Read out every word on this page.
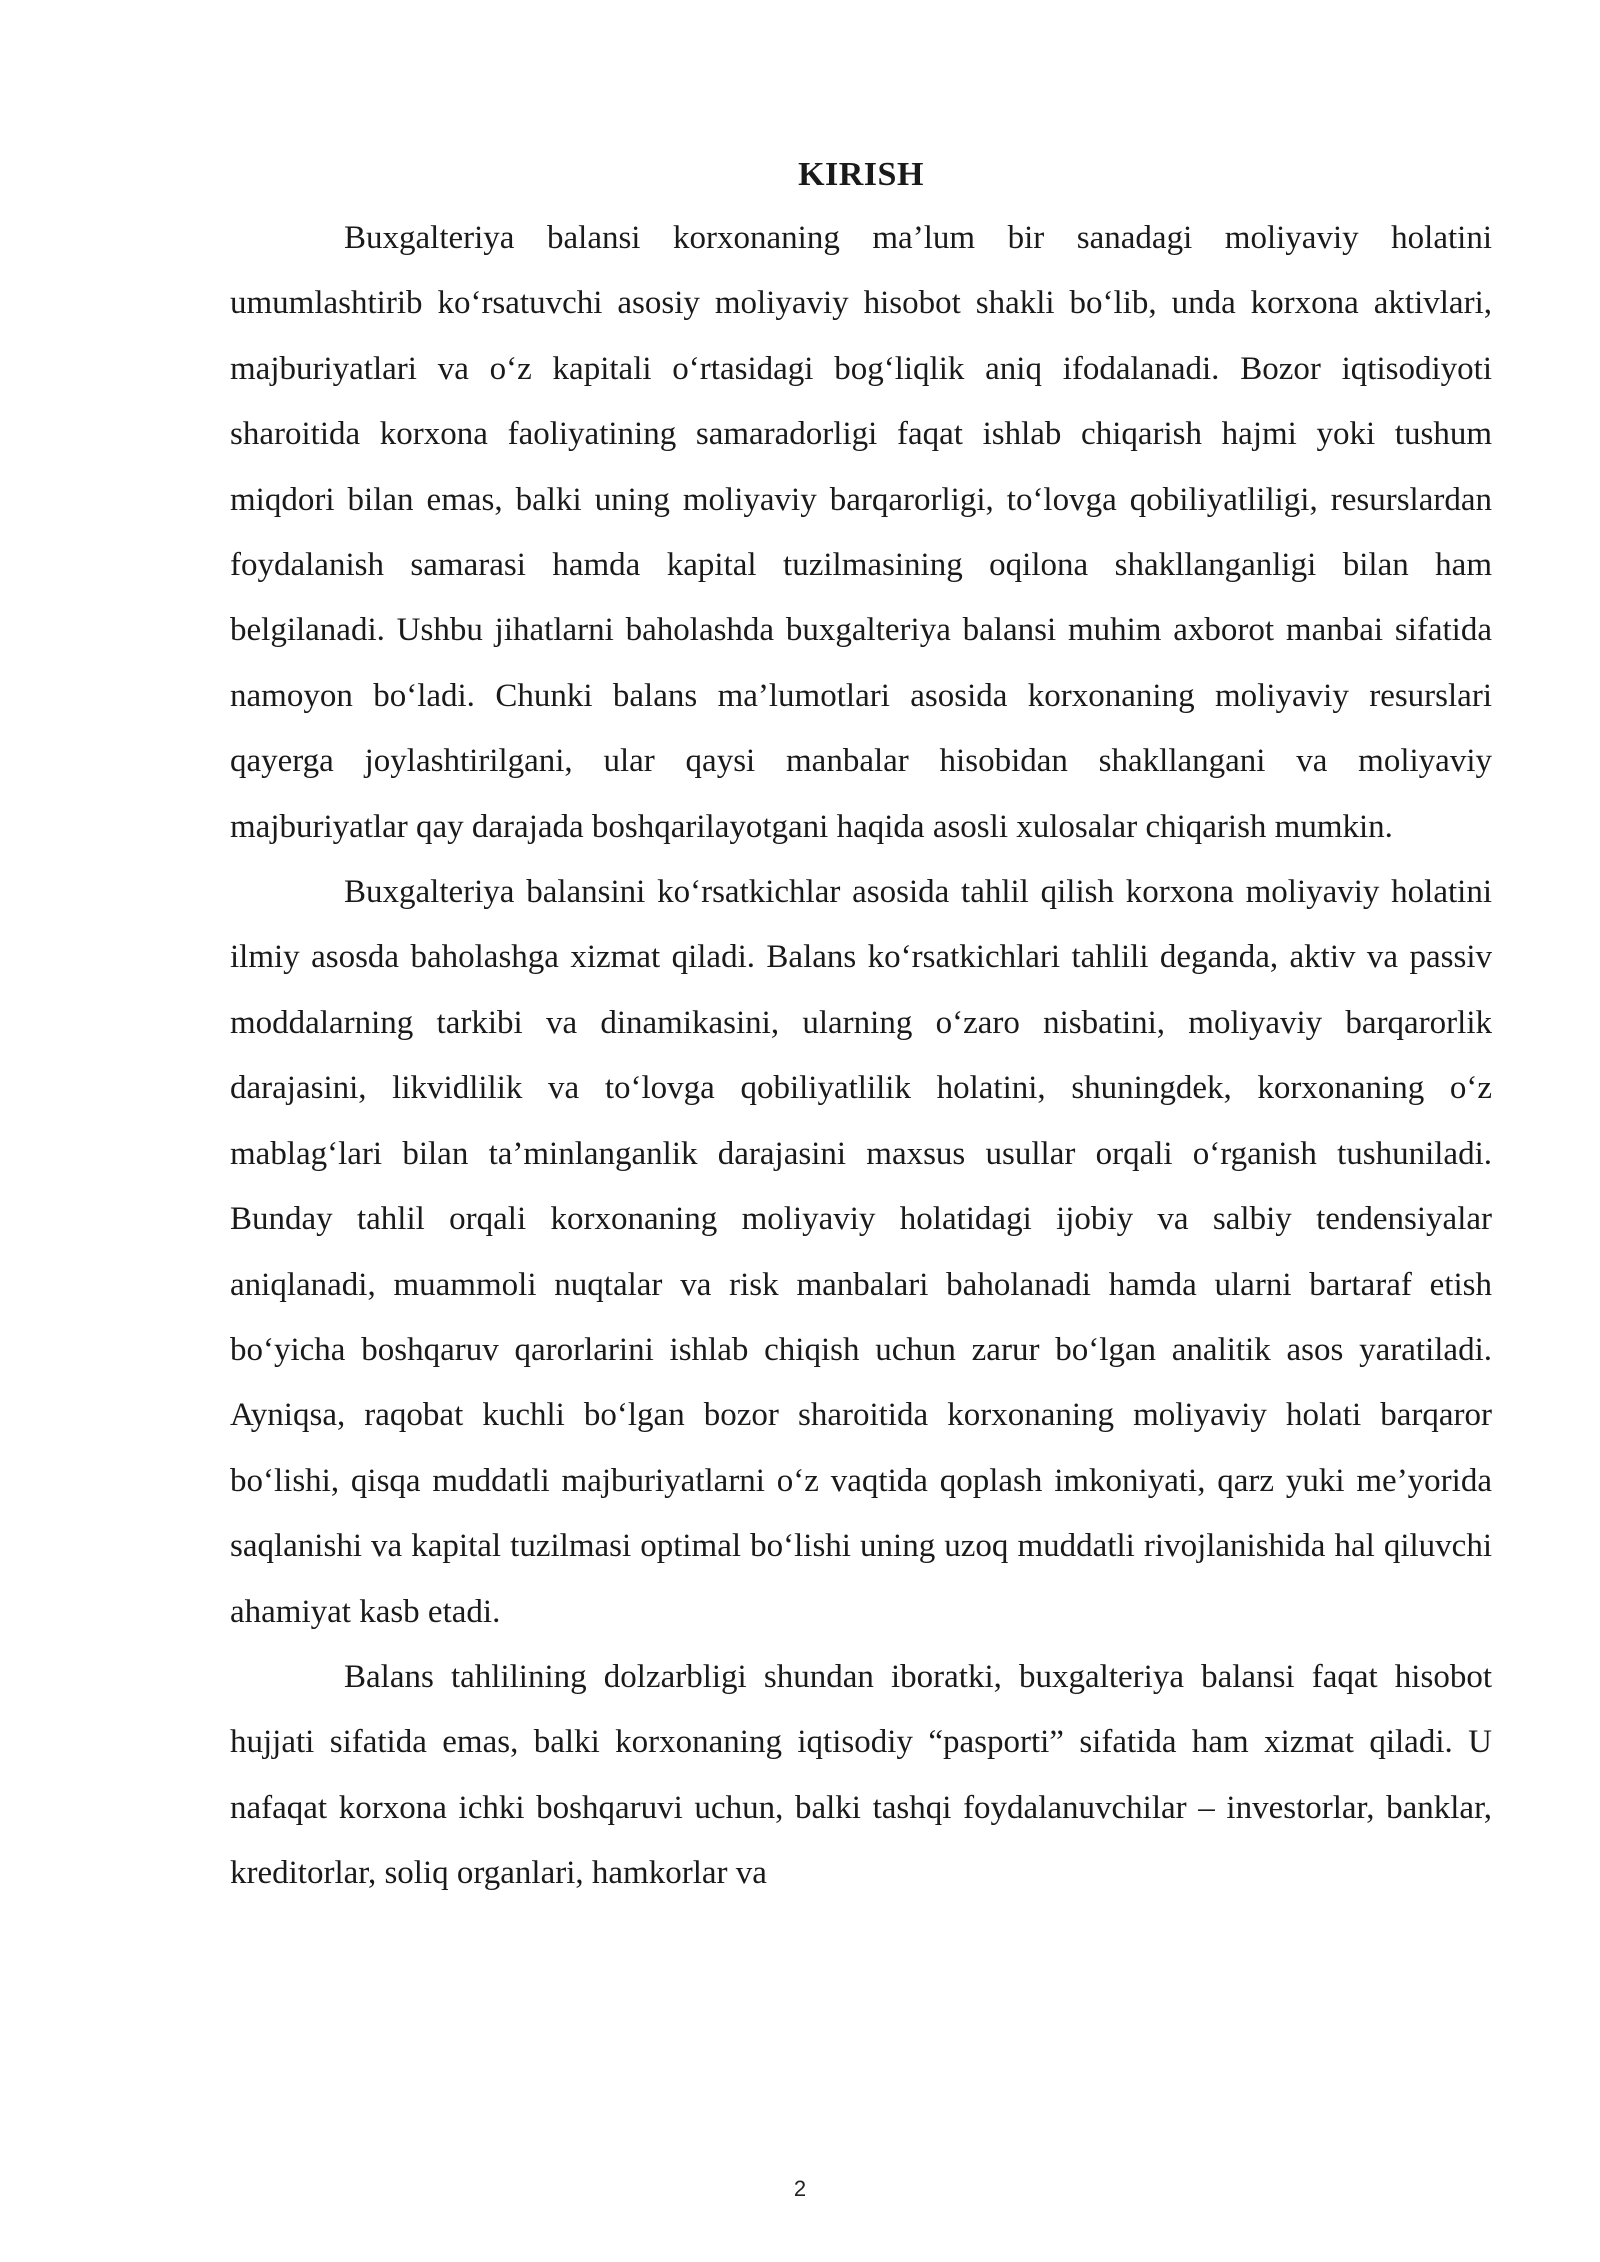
KIRISH

Buxgalteriya balansi korxonaning ma’lum bir sanadagi moliyaviy holatini umumlashtirib ko‘rsatuvchi asosiy moliyaviy hisobot shakli bo‘lib, unda korxona aktivlari, majburiyatlari va o‘z kapitali o‘rtasidagi bog‘liqlik aniq ifodalanadi. Bozor iqtisodiyoti sharoitida korxona faoliyatining samaradorligi faqat ishlab chiqarish hajmi yoki tushum miqdori bilan emas, balki uning moliyaviy barqarorligi, to‘lovga qobiliyatliligi, resurslardan foydalanish samarasi hamda kapital tuzilmasining oqilona shakllanganligi bilan ham belgilanadi. Ushbu jihatlarni baholashda buxgalteriya balansi muhim axborot manbai sifatida namoyon bo‘ladi. Chunki balans ma’lumotlari asosida korxonaning moliyaviy resurslari qayerga joylashtirilgani, ular qaysi manbalar hisobidan shakllangani va moliyaviy majburiyatlar qay darajada boshqarilayotgani haqida asosli xulosalar chiqarish mumkin.

Buxgalteriya balansini ko‘rsatkichlar asosida tahlil qilish korxona moliyaviy holatini ilmiy asosda baholashga xizmat qiladi. Balans ko‘rsatkichlari tahlili deganda, aktiv va passiv moddalarning tarkibi va dinamikasini, ularning o‘zaro nisbatini, moliyaviy barqarorlik darajasini, likvidlilik va to‘lovga qobiliyatlilik holatini, shuningdek, korxonaning o‘z mablag‘lari bilan ta’minlanganlik darajasini maxsus usullar orqali o‘rganish tushuniladi. Bunday tahlil orqali korxonaning moliyaviy holatidagi ijobiy va salbiy tendensiyalar aniqlanadi, muammoli nuqtalar va risk manbalari baholanadi hamda ularni bartaraf etish bo‘yicha boshqaruv qarorlarini ishlab chiqish uchun zarur bo‘lgan analitik asos yaratiladi. Ayniqsa, raqobat kuchli bo‘lgan bozor sharoitida korxonaning moliyaviy holati barqaror bo‘lishi, qisqa muddatli majburiyatlarni o‘z vaqtida qoplash imkoniyati, qarz yuki me’yorida saqlanishi va kapital tuzilmasi optimal bo‘lishi uning uzoq muddatli rivojlanishida hal qiluvchi ahamiyat kasb etadi.

Balans tahlilining dolzarbligi shundan iboratki, buxgalteriya balansi faqat hisobot hujjati sifatida emas, balki korxonaning iqtisodiy “pasporti” sifatida ham xizmat qiladi. U nafaqat korxona ichki boshqaruvi uchun, balki tashqi foydalanuvchilar – investorlar, banklar, kreditorlar, soliq organlari, hamkorlar va

2
